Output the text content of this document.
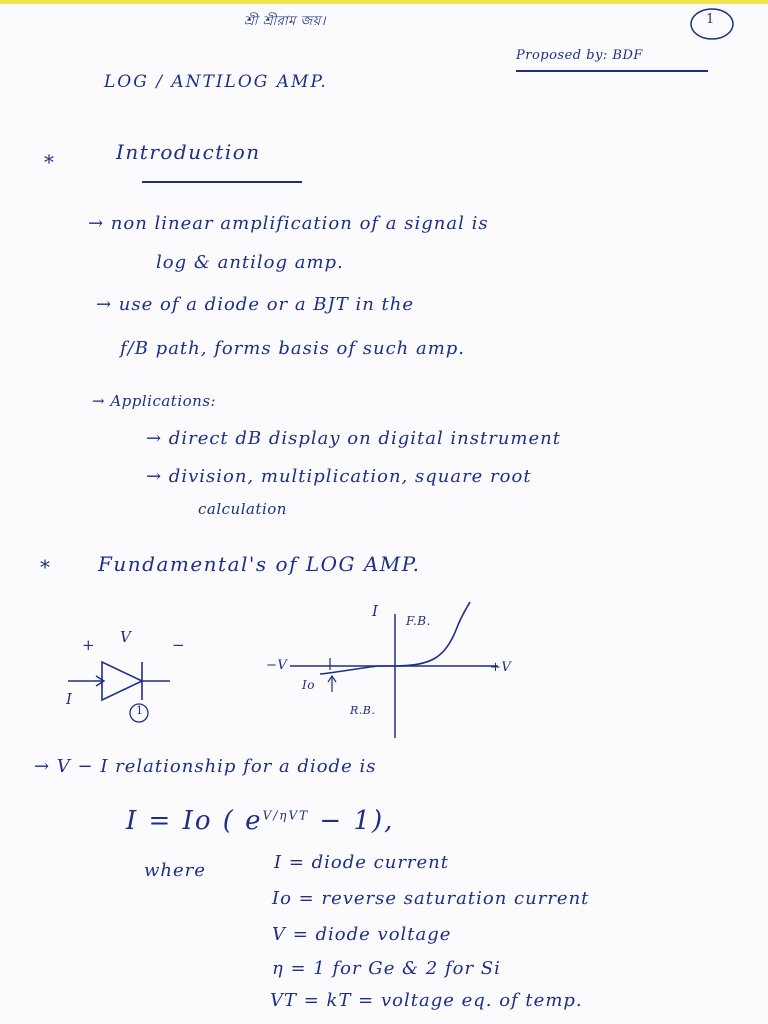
শ্রী শ্রীরাম জয়।	1
Proposed by: BDF
LOG / ANTILOG AMP.
*	Introduction
→ non linear amplification of a signal is
log & antilog amp.
→ use of a diode or a BJT in the
f/B path, forms basis of such amp.
→ Applications:
→ direct dB display on digital instrument
→ division, multiplication, square root
calculation
* Fundamental's of LOG AMP.
+ V	−
I
1
I
F.B.
−V	+V
Io
R.B.
→ V − I relationship for a diode is
I = Io ( $e^{V/\eta VT} - 1$),
where	I = diode current
Io = reverse saturation current
V = diode voltage
η = 1 for Ge & 2 for Si
VT = kT = voltage eq. of temp.
